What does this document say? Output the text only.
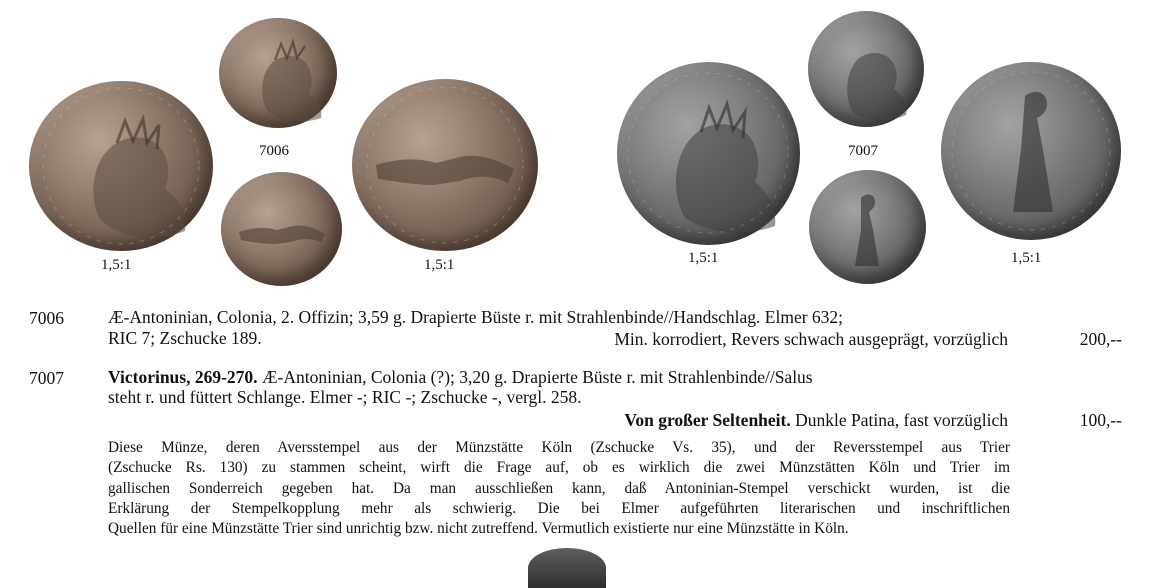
7006
1,5:1	1,5:1
7007
1,5:1	1,5:1
7006	Æ-Antoninian, Colonia, 2. Offizin; 3,59 g. Drapierte Büste r. mit Strahlenbinde//Handschlag. Elmer 632;
RIC 7; Zschucke 189.	Min. korrodiert, Revers schwach ausgeprägt, vorzüglich	200,--
7007	Victorinus, 269-270. Æ-Antoninian, Colonia (?); 3,20 g. Drapierte Büste r. mit Strahlenbinde//Salus
steht r. und füttert Schlange. Elmer -; RIC -; Zschucke -, vergl. 258.
Von großer Seltenheit. Dunkle Patina, fast vorzüglich	100,--
Diese Münze, deren Aversstempel aus der Münzstätte Köln (Zschucke Vs. 35), und der Reversstempel aus Trier
(Zschucke Rs. 130) zu stammen scheint, wirft die Frage auf, ob es wirklich die zwei Münzstätten Köln und Trier im
gallischen Sonderreich gegeben hat. Da man ausschließen kann, daß Antoninian-Stempel verschickt wurden, ist die
Erklärung der Stempelkopplung mehr als schwierig. Die bei Elmer aufgeführten literarischen und inschriftlichen
Quellen für eine Münzstätte Trier sind unrichtig bzw. nicht zutreffend. Vermutlich existierte nur eine Münzstätte in Köln.
